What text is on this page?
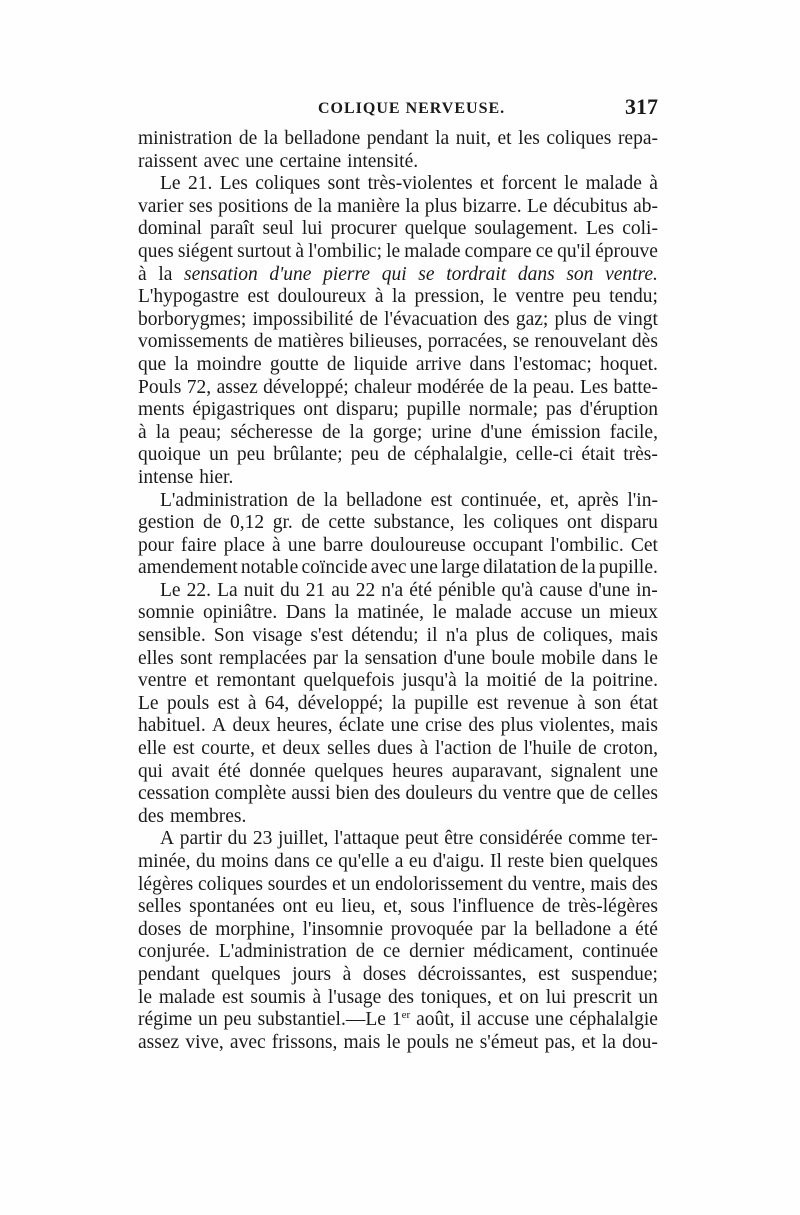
COLIQUE NERVEUSE.	317
ministration de la belladone pendant la nuit, et les coliques repa-
raissent avec une certaine intensité.
Le 21. Les coliques sont très-violentes et forcent le malade à
varier ses positions de la manière la plus bizarre. Le décubitus ab-
dominal paraît seul lui procurer quelque soulagement. Les coli-
ques siégent surtout à l'ombilic; le malade compare ce qu'il éprouve
à la sensation d'une pierre qui se tordrait dans son ventre.
L'hypogastre est douloureux à la pression, le ventre peu tendu;
borborygmes; impossibilité de l'évacuation des gaz; plus de vingt
vomissements de matières bilieuses, porracées, se renouvelant dès
que la moindre goutte de liquide arrive dans l'estomac; hoquet.
Pouls 72, assez développé; chaleur modérée de la peau. Les batte-
ments épigastriques ont disparu; pupille normale; pas d'éruption
à la peau; sécheresse de la gorge; urine d'une émission facile,
quoique un peu brûlante; peu de céphalalgie, celle-ci était très-
intense hier.
L'administration de la belladone est continuée, et, après l'in-
gestion de 0,12 gr. de cette substance, les coliques ont disparu
pour faire place à une barre douloureuse occupant l'ombilic. Cet
amendement notable coïncide avec une large dilatation de la pupille.
Le 22. La nuit du 21 au 22 n'a été pénible qu'à cause d'une in-
somnie opiniâtre. Dans la matinée, le malade accuse un mieux
sensible. Son visage s'est détendu; il n'a plus de coliques, mais
elles sont remplacées par la sensation d'une boule mobile dans le
ventre et remontant quelquefois jusqu'à la moitié de la poitrine.
Le pouls est à 64, développé; la pupille est revenue à son état
habituel. A deux heures, éclate une crise des plus violentes, mais
elle est courte, et deux selles dues à l'action de l'huile de croton,
qui avait été donnée quelques heures auparavant, signalent une
cessation complète aussi bien des douleurs du ventre que de celles
des membres.
A partir du 23 juillet, l'attaque peut être considérée comme ter-
minée, du moins dans ce qu'elle a eu d'aigu. Il reste bien quelques
légères coliques sourdes et un endolorissement du ventre, mais des
selles spontanées ont eu lieu, et, sous l'influence de très-légères
doses de morphine, l'insomnie provoquée par la belladone a été
conjurée. L'administration de ce dernier médicament, continuée
pendant quelques jours à doses décroissantes, est suspendue;
le malade est soumis à l'usage des toniques, et on lui prescrit un
régime un peu substantiel.—Le 1er août, il accuse une céphalalgie
assez vive, avec frissons, mais le pouls ne s'émeut pas, et la dou-
